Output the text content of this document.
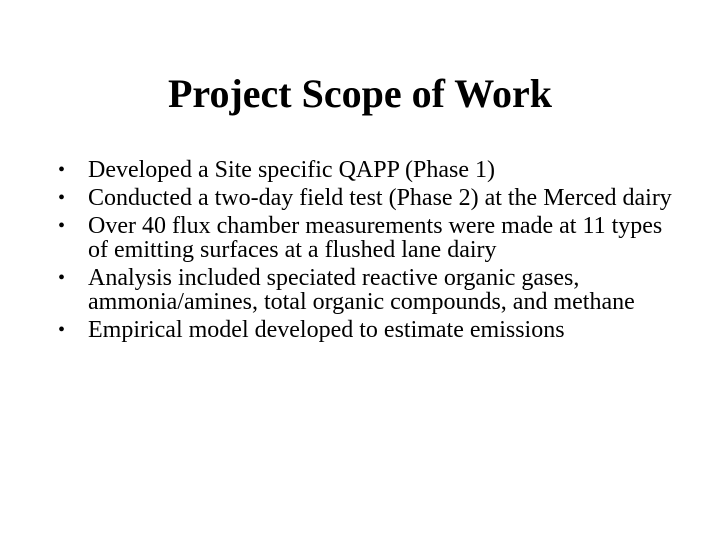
Project Scope of Work
• Developed a Site specific QAPP (Phase 1)
• Conducted a two-day field test (Phase 2) at the Merced dairy
• Over 40 flux chamber measurements were made at 11 types of emitting surfaces at a flushed lane dairy
• Analysis included speciated reactive organic gases, ammonia/amines, total organic compounds, and methane
• Empirical model developed to estimate emissions
